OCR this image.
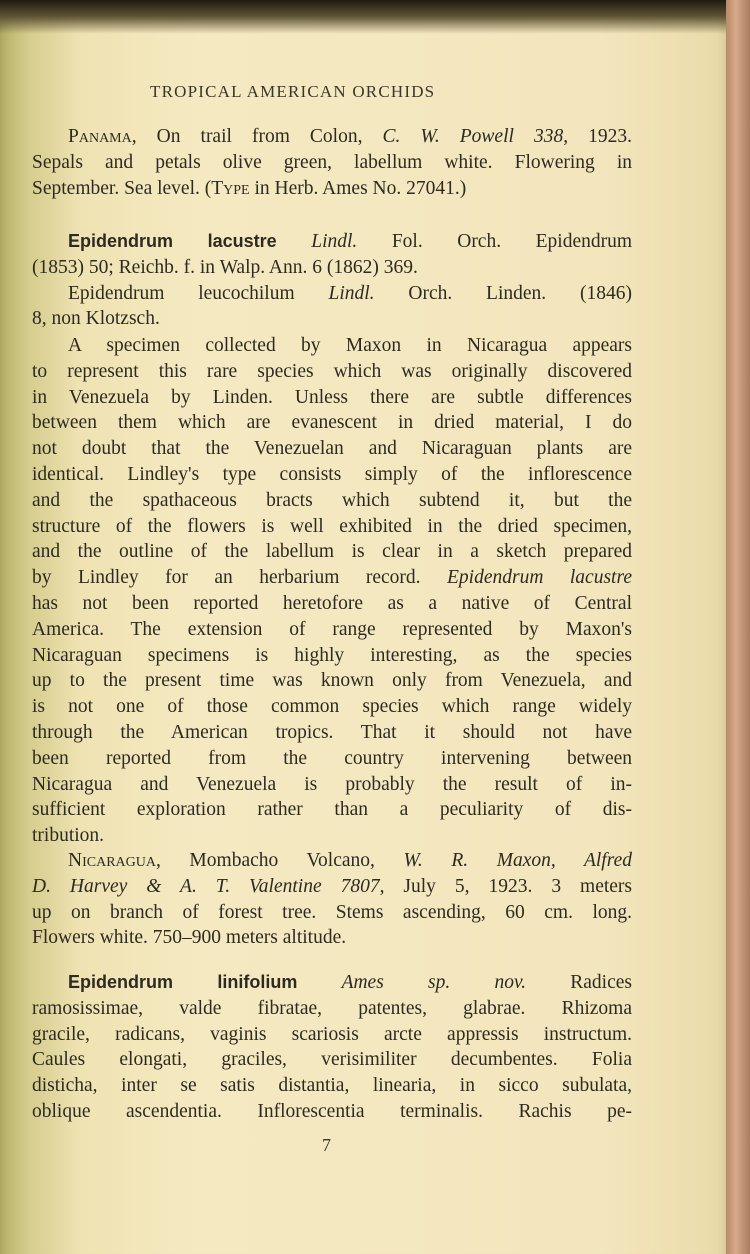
TROPICAL AMERICAN ORCHIDS
Panama, On trail from Colon, C. W. Powell 338, 1923.
Sepals and petals olive green, labellum white. Flowering in
September. Sea level. (Type in Herb. Ames No. 27041.)
Epidendrum lacustre Lindl. Fol. Orch. Epidendrum
(1853) 50; Reichb. f. in Walp. Ann. 6 (1862) 369.
Epidendrum leucochilum Lindl. Orch. Linden. (1846)
8, non Klotzsch.
A specimen collected by Maxon in Nicaragua appears
to represent this rare species which was originally discovered
in Venezuela by Linden. Unless there are subtle differences
between them which are evanescent in dried material, I do
not doubt that the Venezuelan and Nicaraguan plants are
identical. Lindley's type consists simply of the inflorescence
and the spathaceous bracts which subtend it, but the
structure of the flowers is well exhibited in the dried specimen,
and the outline of the labellum is clear in a sketch prepared
by Lindley for an herbarium record. Epidendrum lacustre
has not been reported heretofore as a native of Central
America. The extension of range represented by Maxon's
Nicaraguan specimens is highly interesting, as the species
up to the present time was known only from Venezuela, and
is not one of those common species which range widely
through the American tropics. That it should not have
been reported from the country intervening between
Nicaragua and Venezuela is probably the result of in-
sufficient exploration rather than a peculiarity of dis-
tribution.
Nicaragua, Mombacho Volcano, W. R. Maxon, Alfred
D. Harvey & A. T. Valentine 7807, July 5, 1923. 3 meters
up on branch of forest tree. Stems ascending, 60 cm. long.
Flowers white. 750–900 meters altitude.
Epidendrum linifolium Ames sp. nov. Radices
ramosissimae, valde fibratae, patentes, glabrae. Rhizoma
gracile, radicans, vaginis scariosis arcte appressis instructum.
Caules elongati, graciles, verisimiliter decumbentes. Folia
disticha, inter se satis distantia, linearia, in sicco subulata,
oblique ascendentia. Inflorescentia terminalis. Rachis pe-
7
